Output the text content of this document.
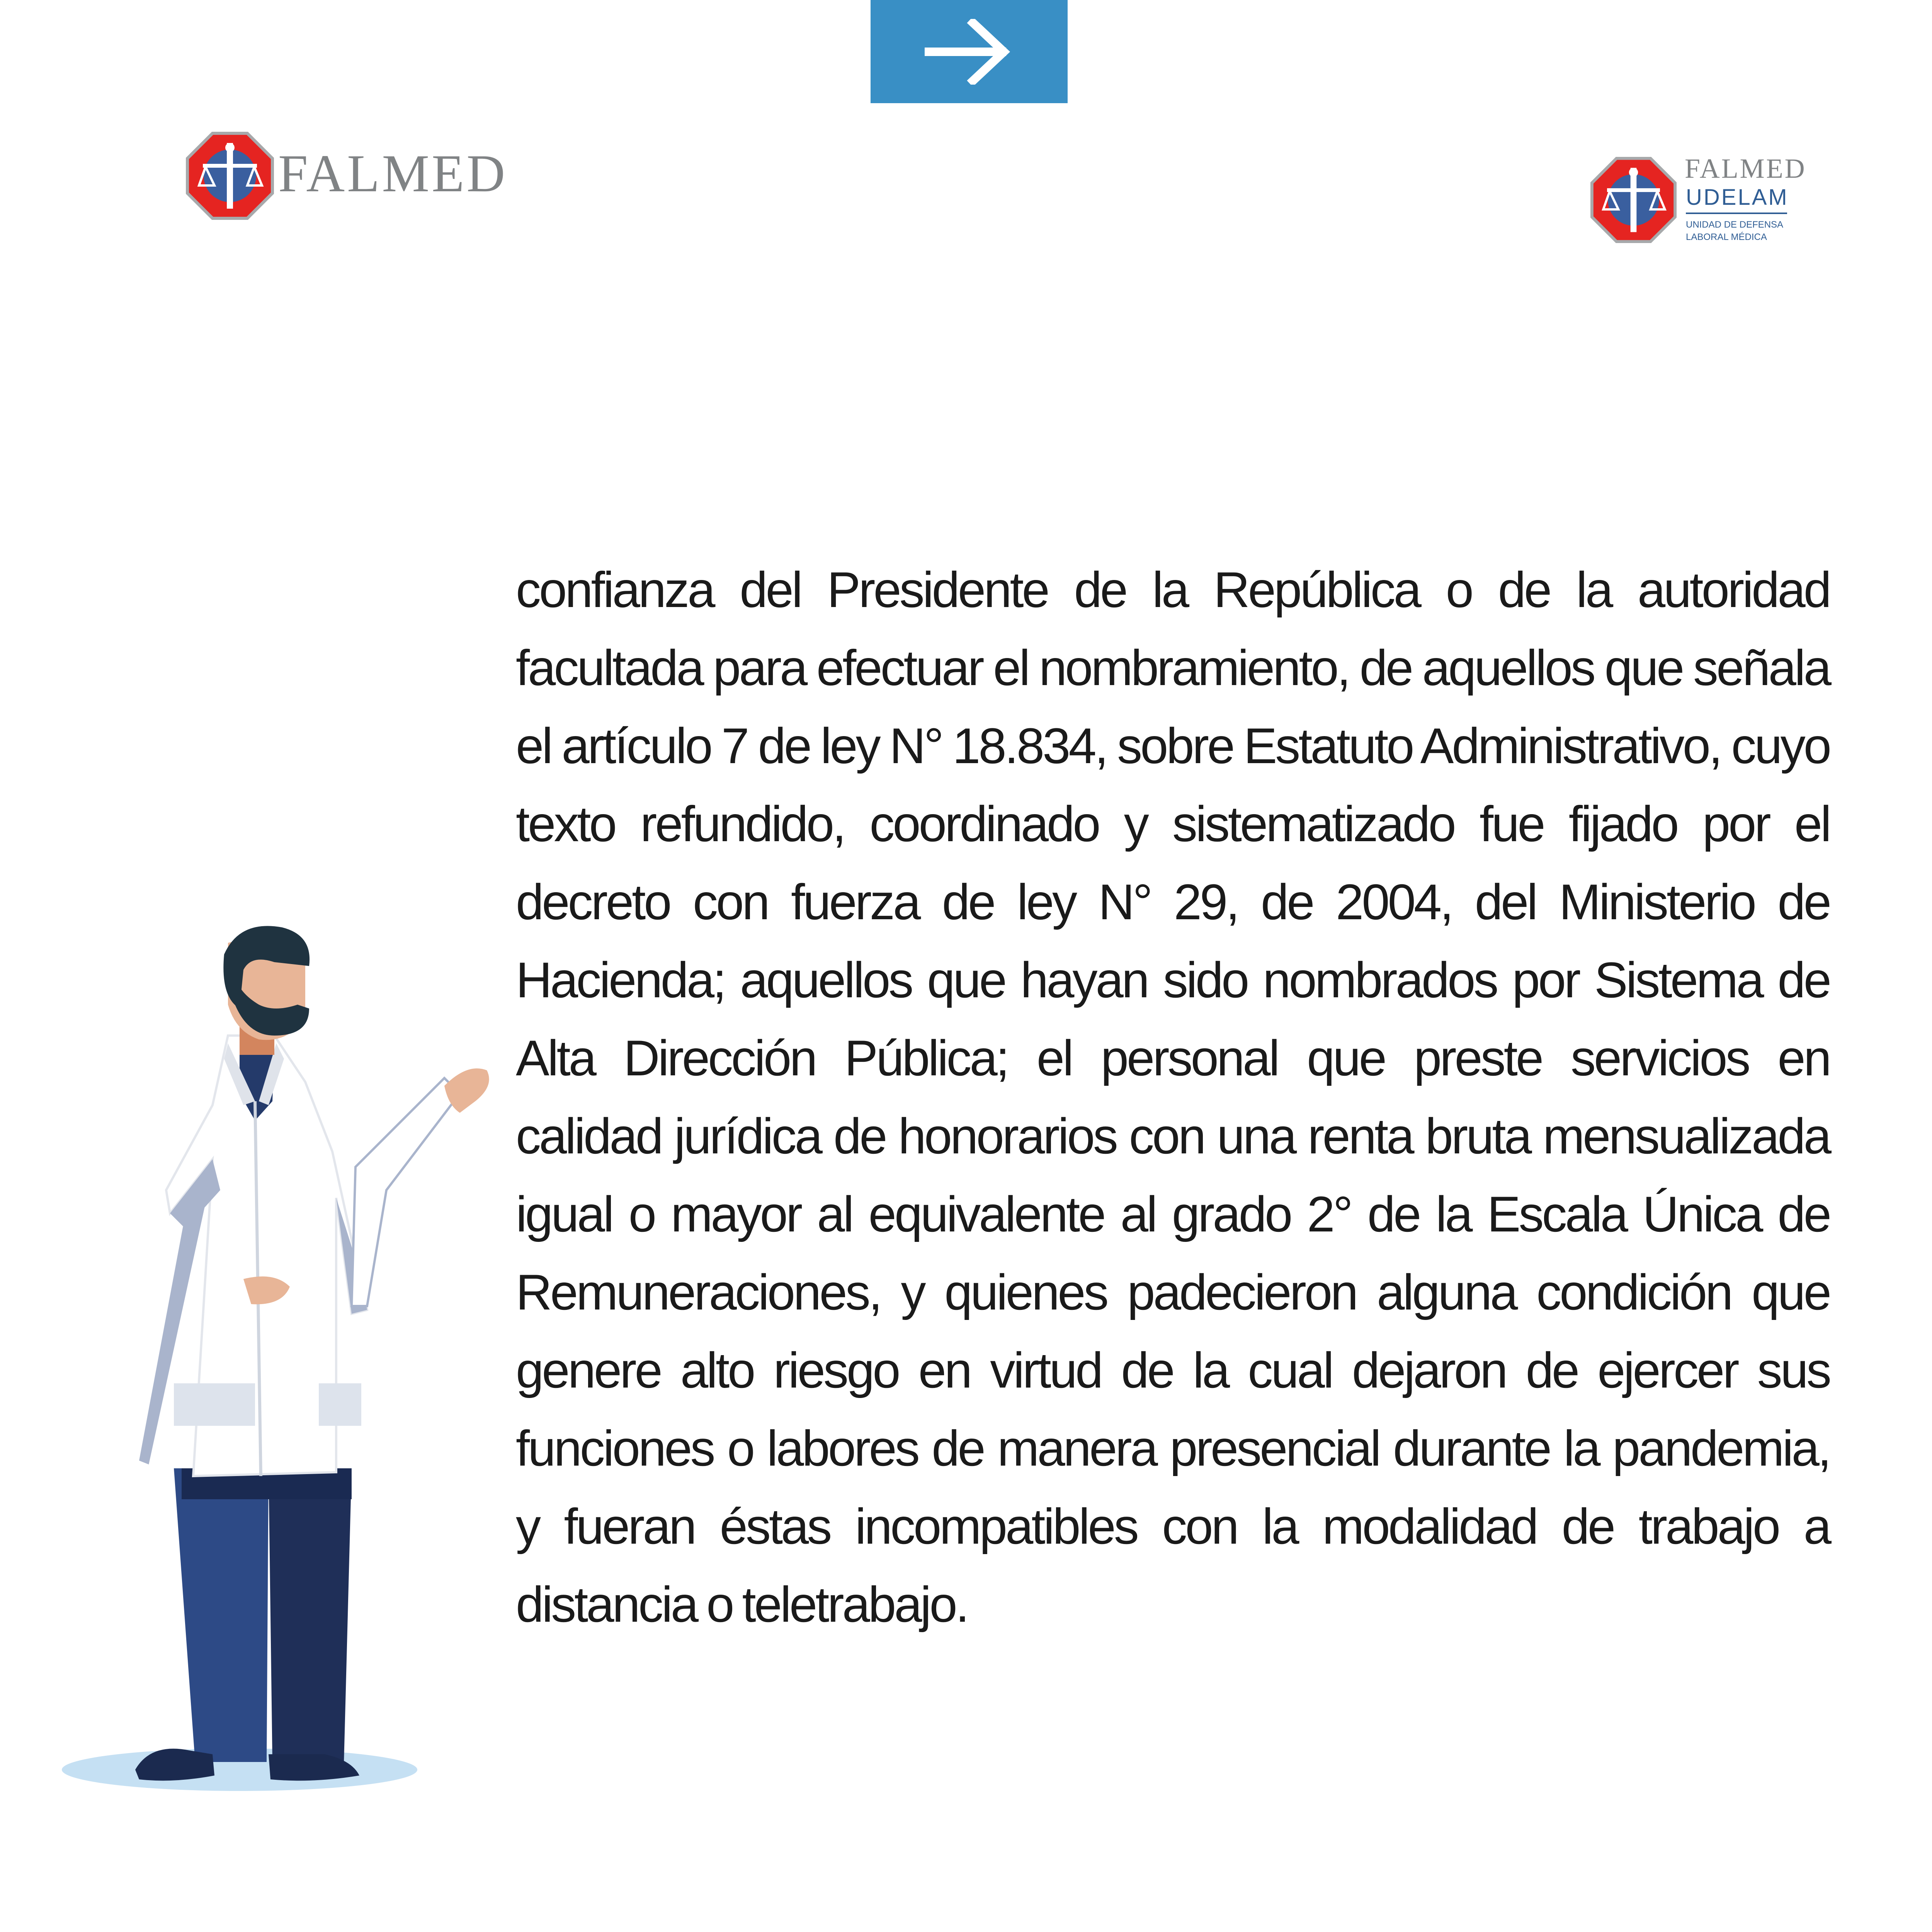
FALMED	FALMED
UDELAM
UNIDAD DE DEFENSA LABORAL MÉDICA

confianza del Presidente de la República o de la autoridad facultada para efectuar el nombramiento, de aquellos que señala el artículo 7 de ley N° 18.834, sobre Estatuto Administrativo, cuyo texto refundido, coordinado y sistematizado fue fijado por el decreto con fuerza de ley N° 29, de 2004, del Ministerio de Hacienda; aquellos que hayan sido nombrados por Sistema de Alta Dirección Pública; el personal que preste servicios en calidad jurídica de honorarios con una renta bruta mensualizada igual o mayor al equivalente al grado 2° de la Escala Única de Remuneraciones, y quienes padecieron alguna condición que genere alto riesgo en virtud de la cual dejaron de ejercer sus funciones o labores de manera presencial durante la pandemia, y fueran éstas incompatibles con la modalidad de trabajo a distancia o teletrabajo.
